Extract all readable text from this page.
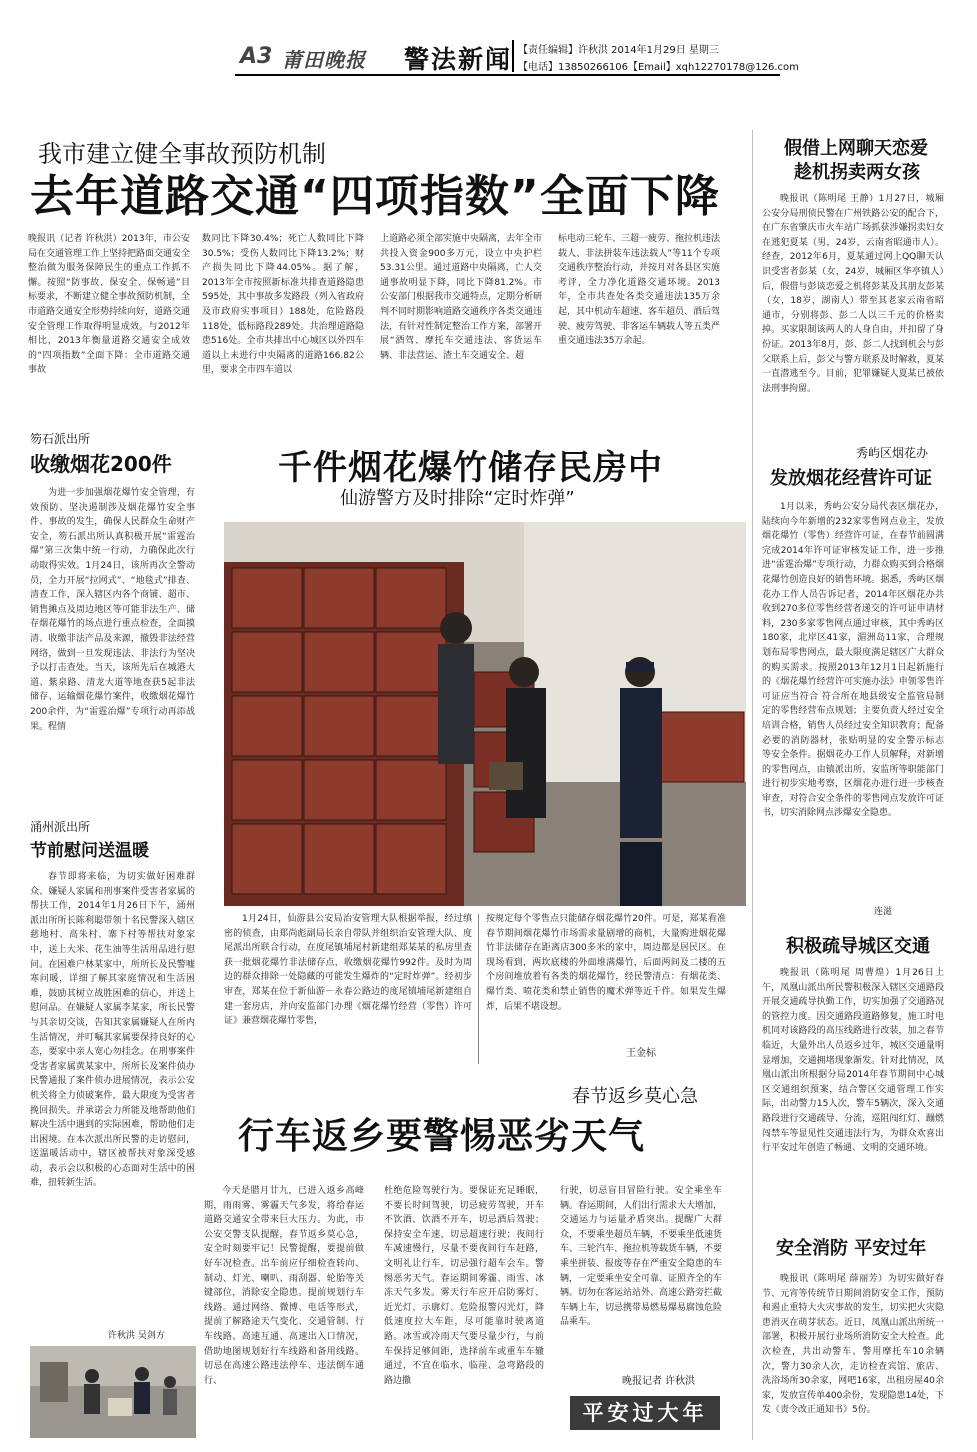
A3 莆田晚报 警法新闻 【责任编辑】许秋洪 2014年1月29日 星期三
【电话】13850266106【Email】xqh12270178@126.com
我市建立健全事故预防机制
去年道路交通“四项指数”全面下降
晚报讯（记者 许秋洪）2013年，市公安局在交通管理工作上坚持把路面交通安全整治做为服务保障民生的重点工作抓不懈。按照“防事故、保安全、保畅通”目标要求，不断建立健全事故预防机制，全市道路交通安全形势持续向好，道路交通安全管理工作取得明显成效。与2012年相比，2013年衡量道路交通安全成效的“四项指数”全面下降：全市道路交通事故
数同比下降30.4%；死亡人数同比下降30.5%；受伤人数同比下降13.2%；财产损失同比下降44.05%。据了解，2013年全市按照新标准共排查道路隐患595处，其中事故多发路段（列入省政府及市政府实事项目）188处，危险路段118处，低标路段289处。共治理道路隐患516处。全市共排出中心城区以外四车道以上未进行中央隔离的道路166.82公里，要求全市四车道以
上道路必须全部实施中央隔离，去年全市共投入资金900多万元，设立中央护栏53.31公里。通过道路中央隔离，亡人交通事故明显下降，同比下降81.2%。市公安部门根据我市交通特点，定期分析研判不同时期影响道路交通秩序各类交通违法，有针对性制定整治工作方案，部署开展“酒驾、摩托车交通违法、客货运车辆、非法营运、渣土车交通安全、超
标电动三轮车、三超一疲劳、拖拉机违法载人、非法拼装车违法载人”等11个专项交通秩序整治行动，并按月对各县区实施考评，全力净化道路交通环境。2013年，全市共查处各类交通违法135万余起，其中机动车超速、客车超员、酒后驾驶、疲劳驾驶、非客运车辆载人等五类严重交通违法35万余起。
笏石派出所
收缴烟花200件
为进一步加强烟花爆竹安全管理，有效预防、坚决遏制涉及烟花爆竹安全事件、事故的发生，确保人民群众生命财产安全，笏石派出所认真积极开展“雷霆治爆”第三次集中统一行动，力确保此次行动取得实效。1月24日，该所再次全警动员，全力开展“拉网式”、“地毯式”排查、清查工作，深入辖区内各个商铺、超市、销售摊点及周边地区等可能非法生产、储存烟花爆竹的场点进行重点检查，全面摸清、收缴非法产品及来源，撤毁非法经营网络，做到一旦发现违法、非法行为坚决予以打击查处。当天，该所先后在城港大道、紫泉路、清龙大道等地查获5起非法储存、运输烟花爆竹案件，收缴烟花爆竹200余件，为“雷霆治爆”专项行动再添战果。程情
涌州派出所
节前慰问送温暖
春节即将来临，为切实做好困难群众、嫌疑人家属和刑事案件受害者家属的帮扶工作，2014年1月26日下午，涌州派出所所长陈利聪带领十名民警深入辖区慈地村、高朱村、寨下村等帮扶对象家中，送上大米、花生油等生活用品进行慰问。在困难户林某家中，所所长及民警嘘寒问暖，详细了解其家庭情况和生活困难，鼓励其树立战胜困难的信心，并送上慰问品。在嫌疑人家属李某家，所长民警与其亲切交谈，告知其家属嫌疑人在所内生活情况，并叮嘱其家属要保持良好的心态，要家中亲人宽心勿挂念。在刑事案件受害者家属黄某家中，所所长及案件侦办民警通报了案件侦办进展情况，表示公安机关将全力侦破案件，最大限度为受害者挽回损失。并承诺会力所能及地帮助他们解决生活中遇到的实际困难，帮助他们走出困境。在本次派出所民警的走访慰问，送温暖活动中，辖区被帮扶对象深受感动，表示会以积极的心态面对生活中的困难，扭转新生活。
许秋洪 吴剑方
千件烟花爆竹储存民房中
仙游警方及时排除“定时炸弹”
1月24日，仙游县公安局治安管理大队根据举报，经过缜密的侦查，由郑尚彪副局长亲自带队并组织治安管理大队、度尾派出所联合行动，在度尾镇埔尾村新建组郑某某的私房里查获一批烟花爆竹非法储存点，收缴烟花爆竹992件。及时为周边的群众排除一处隐藏的可能发生爆炸的“定时炸弹”。经初步审查，郑某在位于新仙游－永春公路边的度尾镇埔尾新建组自建一套房店，并向安监部门办理《烟花爆竹经营（零售）许可证》兼营烟花爆竹零售，
按规定每个零售点只能储存烟花爆竹20件。可是，郑某看准春节期间烟花爆竹市场需求量剧增的商机，大量购进烟花爆竹非法储存在距离店300多米的家中，周边都是居民区。在现场看到，两坎底楼的外面堆满爆竹，后面两间及二楼的五个房间堆放着有各类的烟花爆竹，经民警清点：有烟花类、爆竹类、喷花类和禁止销售的魔术弹等近千件。如果发生爆炸，后果不堪设想。
王金标
春节返乡莫心急
行车返乡要警惕恶劣天气
今天是腊月廿九，已进入返乡高峰期，雨雨雾、雾霾天气多发，将给春运道路交通安全带来巨大压力。为此，市公安交警支队提醒，春节返乡莫心急，安全时刻要牢记！民警提醒，要提前做好车况检查。出车前应仔细检查转向、制动、灯光、喇叭、雨刮器、轮胎等关键部位，消除安全隐患。提前规划行车线路。通过网络、微博、电话等形式，提前了解路途天气变化、交通管制、行车线路、高速互通、高速出入口情况，借助地图规划好行车线路和备用线路。切忌在高速公路违法停车、违法倒车通行、
杜绝危险驾驶行为。要保证充足睡眠，不要长时间驾驶，切忌疲劳驾驶，开车不饮酒、饮酒不开车，切忌酒后驾驶；保持安全车速，切忌超速行驶；夜间行车减速慢行，尽量不要夜间行车赶路，文明礼让行车，切忌强行超车会车。警惕恶劣天气。春运期间雾霾、雨雪、冰冻天气多发。雾天行车应开启防雾灯、近光灯、示廓灯、危险报警闪光灯，降低速度拉大车距，尽可能靠时驶离道路。冰雪或冷雨天气要尽量少行，与前车保持足够间距，选择前车或重车车辙通过，不宜在临水、临崖、急弯路段的路边撒
行驶，切忌盲目冒险行驶。安全乘坐车辆。春运期间，人们出行需求大大增加，交通运力与运量矛盾突出。提醒广大群众，不要乘坐超员车辆，不要乘坐低速货车、三轮汽车、拖拉机等载货车辆，不要乘坐拼装、报废等存在严重安全隐患的车辆，一定要乘坐安全可靠、证照齐全的车辆。切勿在客运站站外、高速公路旁拦截车辆上车，切忌携带易燃易爆易腐蚀危险品乘车。
晚报记者 许秋洪
平安过大年
假借上网聊天恋爱
趁机拐卖两女孩
晚报讯（陈明尾 王静）1月27日，城厢公安分局刑侦民警在广州铁路公安的配合下，在广东省肇庆市火车站广场抓获涉嫌拐卖妇女在逃犯夏某（男，24岁，云南省昭通市人）。经查，2012年6月，夏某通过网上QQ聊天认识受害者彭某（女，24岁，城厢区华亭镇人）后，假借与彭谈恋爱之机将彭某及其朋友彭某（女，18岁，湖南人）带至其老家云南省昭通市，分别将彭、彭二人以三千元的价格卖掉。买家限制该两人的人身自由，并扣留了身份证。2013年8月，彭、彭二人找到机会与彭父联系上后，彭父与警方联系及时解救，夏某一直潜逃至今。目前，犯罪嫌疑人夏某已被依法刑事拘留。
秀屿区烟花办
发放烟花经营许可证
1月以来，秀屿公安分局代表区烟花办，陆续向今年新增的232家零售网点业主，发放烟花爆竹（零售）经营许可证，在春节前圆满完成2014年许可证审核发证工作，进一步推进“雷霆治爆”专项行动，力群众购买到合格烟花爆竹创造良好的销售环境。据悉，秀屿区烟花办工作人员告诉记者，2014年区烟花办共收到270多位零售经营者递交的许可证申请材料，230多家零售网点通过审核，其中秀屿区180家，北岸区41家，湄洲岛11家，合理规划布局零售网点，最大限度满足辖区广大群众的购买需求。按照2013年12月1日起新施行的《烟花爆竹经营许可实施办法》申领零售许可证应当符合 符合所在地县级安全监管局制定的零售经营布点规划；主要负责人经过安全培训合格，销售人员经过安全知识教育；配备必要的消防器材，张贴明显的安全警示标志 等安全条件。据烟花办工作人员解释，对新增的零售网点，由镇派出所、安监所等职能部门进行初步实地考察，区烟花办进行进一步核查审查，对符合安全条件的零售网点发放许可证书，切实消除网点涉爆安全隐患。
连滋
积极疏导城区交通
晚报讯（陈明尾 周曹煌）1月26日上午，凤凰山派出所民警积极深入辖区交通路段开展交通疏导执勤工作，切实加强了交通路况的管控力度。因交通路段道路修复，施工时电机同对该路段的高压线路进行改装，加之春节临近，大量外出人员返乡过年，城区交通量明显增加，交通拥堵现象渐发。针对此情况，凤凰山派出所根据分局2014年春节期间中心城区交通组织预案，结合警区交通管理工作实际，出动警力15人次，警车5辆次，深入交通路段进行交通疏导、分流，巡阻闯红灯、蹦燃闯禁车等显见性交通违法行为，为群众欢喜出行平安过年创造了畅通、文明的交通环境。
安全消防 平安过年
晚报讯（陈明尾 薛丽芳）为切实做好春节、元宵等传统节日期间消防安全工作，预防和遏止重特大火灾事故的发生，切实把火灾隐患消灭在萌芽状态。近日，凤凰山派出所统一部署，积极开展行业场所消防安全大检查。此次检查，共出动警车、警用摩托车10余辆次，警力30余人次，走访检查宾馆、旅店、洗浴场所30余家，网吧16家，出租房屋40余家，发放宣传单400余份，发现隐患14处，下发《责令改正通知书》5份。
